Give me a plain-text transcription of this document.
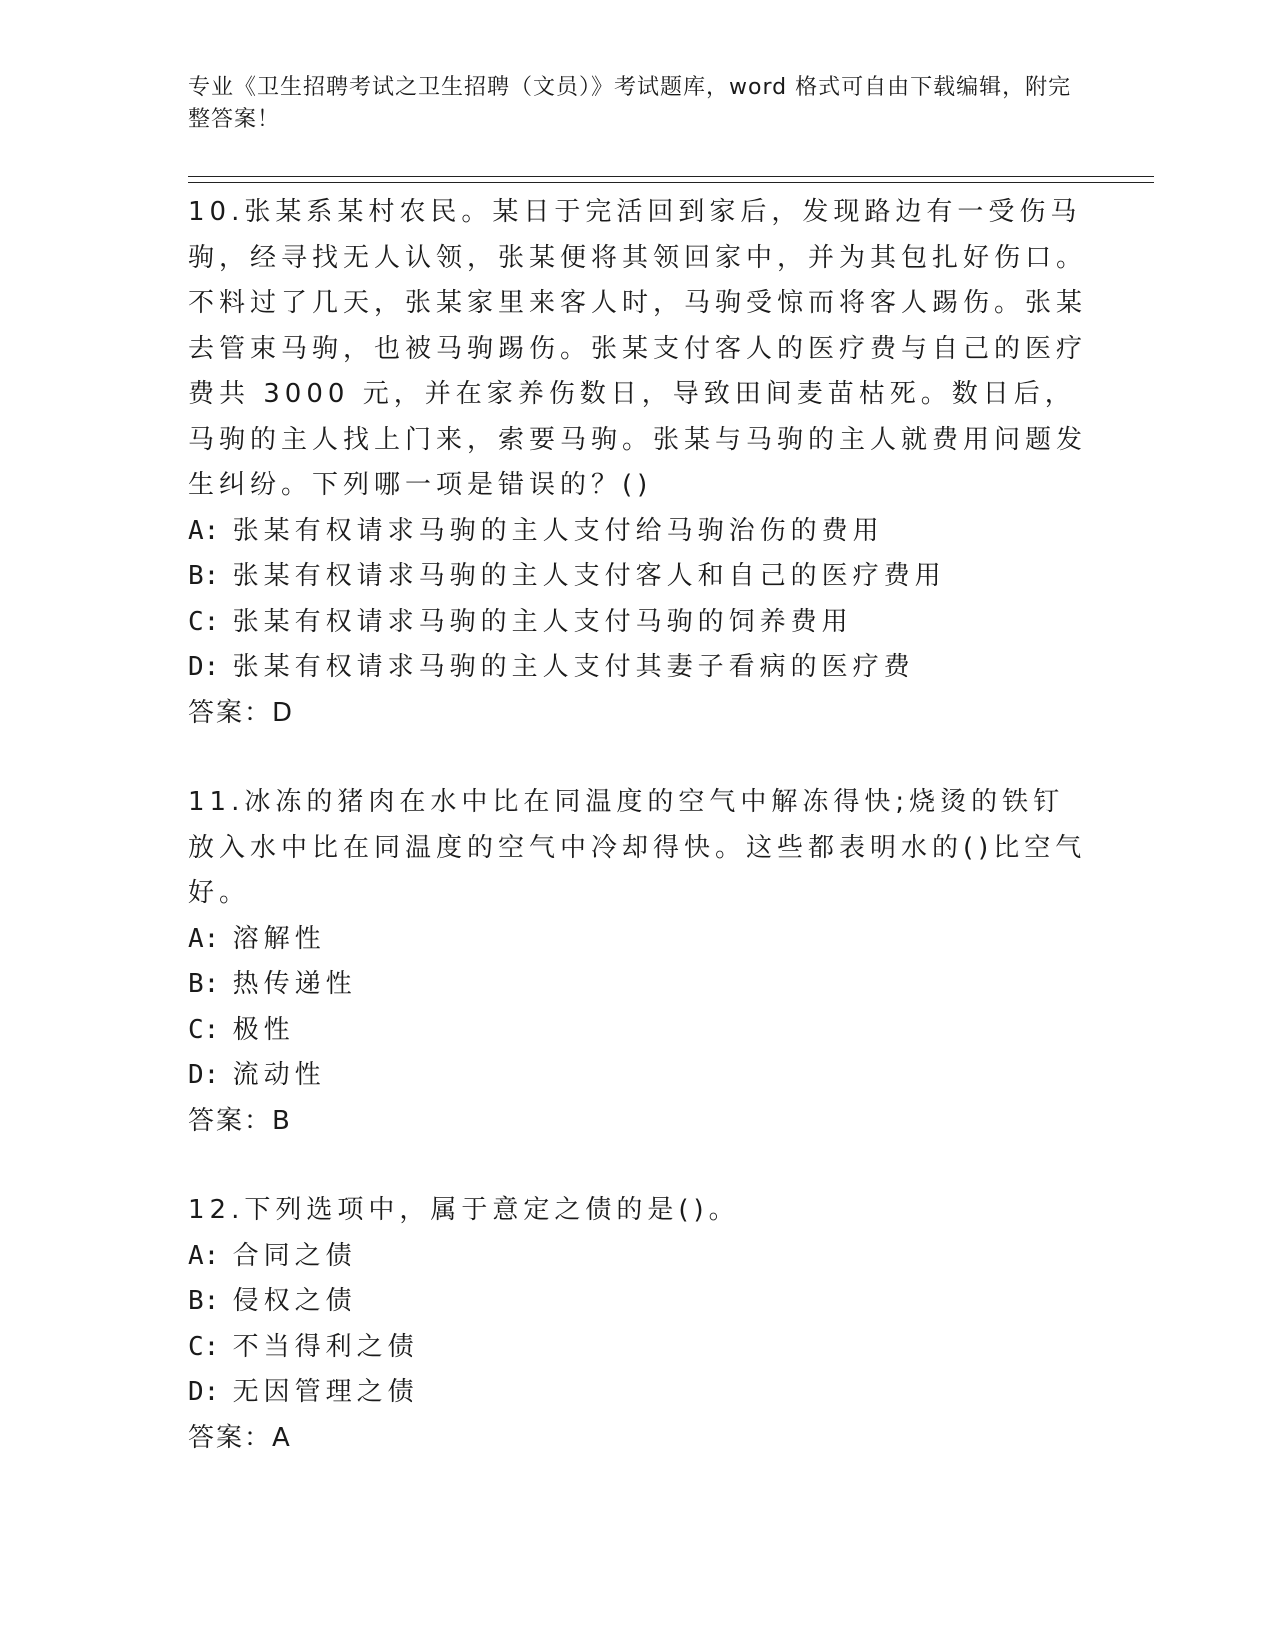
专业《卫生招聘考试之卫生招聘（文员）》考试题库，word 格式可自由下载编辑，附完整答案！

10.张某系某村农民。某日于完活回到家后，发现路边有一受伤马驹，经寻找无人认领，张某便将其领回家中，并为其包扎好伤口。不料过了几天，张某家里来客人时，马驹受惊而将客人踢伤。张某去管束马驹，也被马驹踢伤。张某支付客人的医疗费与自己的医疗费共 3000 元，并在家养伤数日，导致田间麦苗枯死。数日后，马驹的主人找上门来，索要马驹。张某与马驹的主人就费用问题发生纠纷。下列哪一项是错误的？()

A: 张某有权请求马驹的主人支付给马驹治伤的费用

B: 张某有权请求马驹的主人支付客人和自己的医疗费用

C: 张某有权请求马驹的主人支付马驹的饲养费用

D: 张某有权请求马驹的主人支付其妻子看病的医疗费

答案：D

11.冰冻的猪肉在水中比在同温度的空气中解冻得快;烧烫的铁钉放入水中比在同温度的空气中冷却得快。这些都表明水的()比空气好。

A: 溶解性

B: 热传递性

C: 极性

D: 流动性

答案：B

12.下列选项中，属于意定之债的是()。

A: 合同之债

B: 侵权之债

C: 不当得利之债

D: 无因管理之债

答案：A
